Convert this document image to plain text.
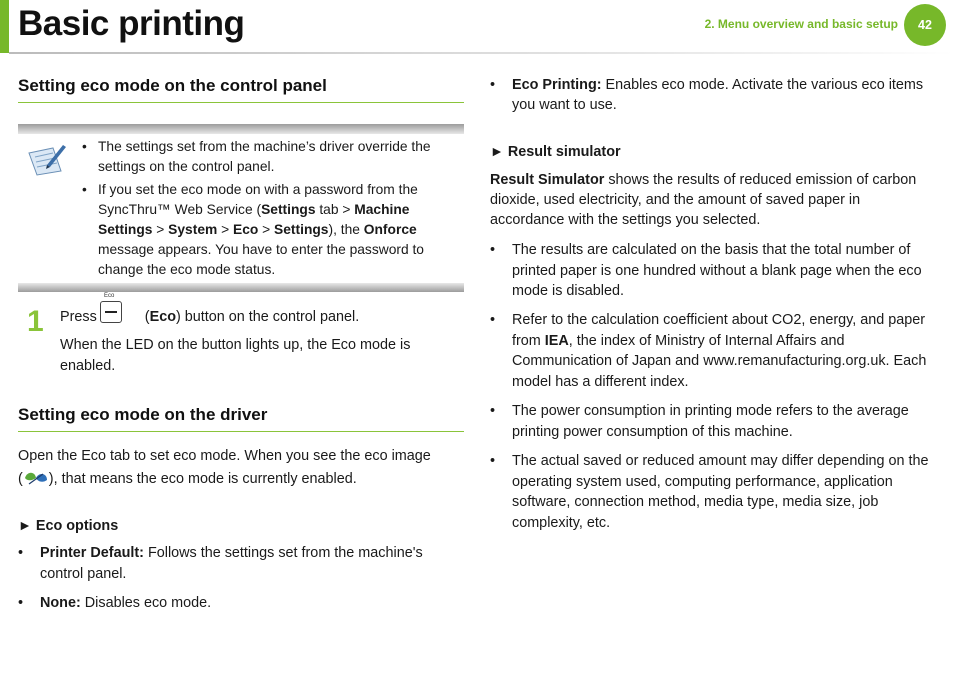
Basic printing	2. Menu overview and basic setup	42
Setting eco mode on the control panel
• The settings set from the machine’s driver override the settings on the control panel.
• If you set the eco mode on with a password from the SyncThru™ Web Service (Settings tab > Machine Settings > System > Eco > Settings), the Onforce message appears. You have to enter the password to change the eco mode status.
1
Eco
Press	(Eco) button on the control panel.
When the LED on the button lights up, the Eco mode is enabled.
Setting eco mode on the driver
Open the Eco tab to set eco mode. When you see the eco image
( ), that means the eco mode is currently enabled.
► Eco options
• Printer Default: Follows the settings set from the machine's control panel.
• None: Disables eco mode.
• Eco Printing: Enables eco mode. Activate the various eco items you want to use.
► Result simulator
Result Simulator shows the results of reduced emission of carbon dioxide, used electricity, and the amount of saved paper in accordance with the settings you selected.
• The results are calculated on the basis that the total number of printed paper is one hundred without a blank page when the eco mode is disabled.
• Refer to the calculation coefficient about CO2, energy, and paper from IEA, the index of Ministry of Internal Affairs and Communication of Japan and www.remanufacturing.org.uk. Each model has a different index.
• The power consumption in printing mode refers to the average printing power consumption of this machine.
• The actual saved or reduced amount may differ depending on the operating system used, computing performance, application software, connection method, media type, media size, job complexity, etc.
